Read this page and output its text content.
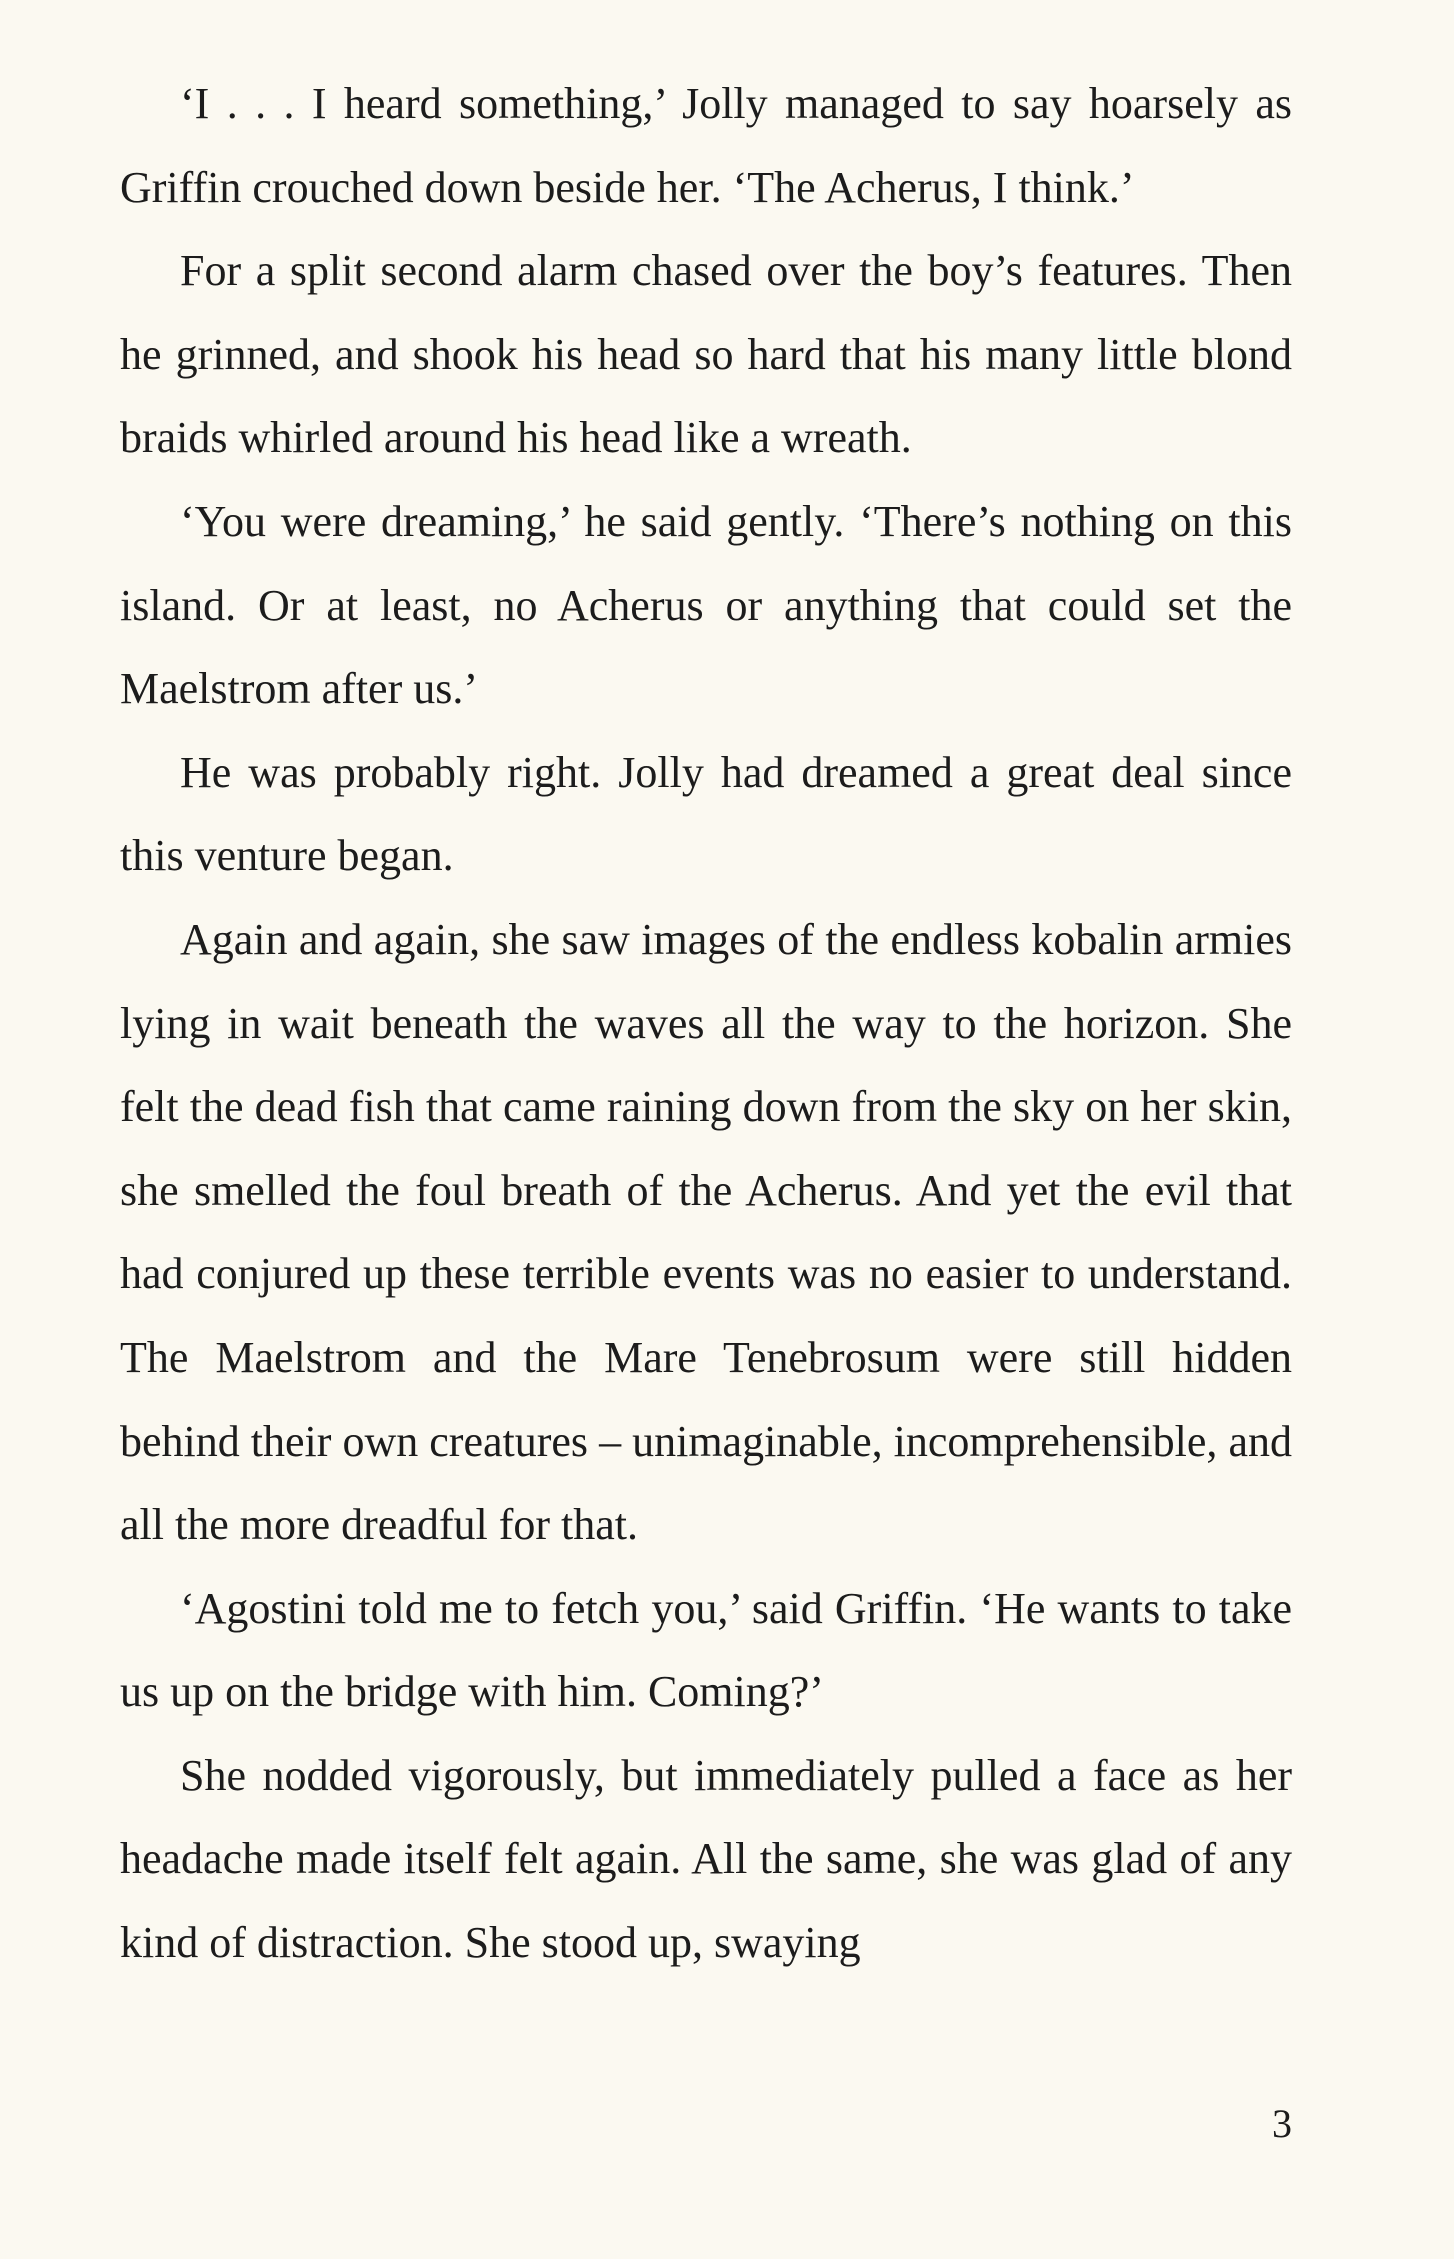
‘I . . . I heard something,’ Jolly managed to say hoarsely as Griffin crouched down beside her. ‘The Acherus, I think.’

For a split second alarm chased over the boy’s features. Then he grinned, and shook his head so hard that his many little blond braids whirled around his head like a wreath.

‘You were dreaming,’ he said gently. ‘There’s nothing on this island. Or at least, no Acherus or anything that could set the Maelstrom after us.’

He was probably right. Jolly had dreamed a great deal since this venture began.

Again and again, she saw images of the endless kobalin armies lying in wait beneath the waves all the way to the horizon. She felt the dead fish that came raining down from the sky on her skin, she smelled the foul breath of the Acherus. And yet the evil that had conjured up these terrible events was no easier to understand. The Maelstrom and the Mare Tenebrosum were still hidden behind their own creatures – unimaginable, incomprehensible, and all the more dreadful for that.

‘Agostini told me to fetch you,’ said Griffin. ‘He wants to take us up on the bridge with him. Coming?’

She nodded vigorously, but immediately pulled a face as her headache made itself felt again. All the same, she was glad of any kind of distraction. She stood up, swaying

3
